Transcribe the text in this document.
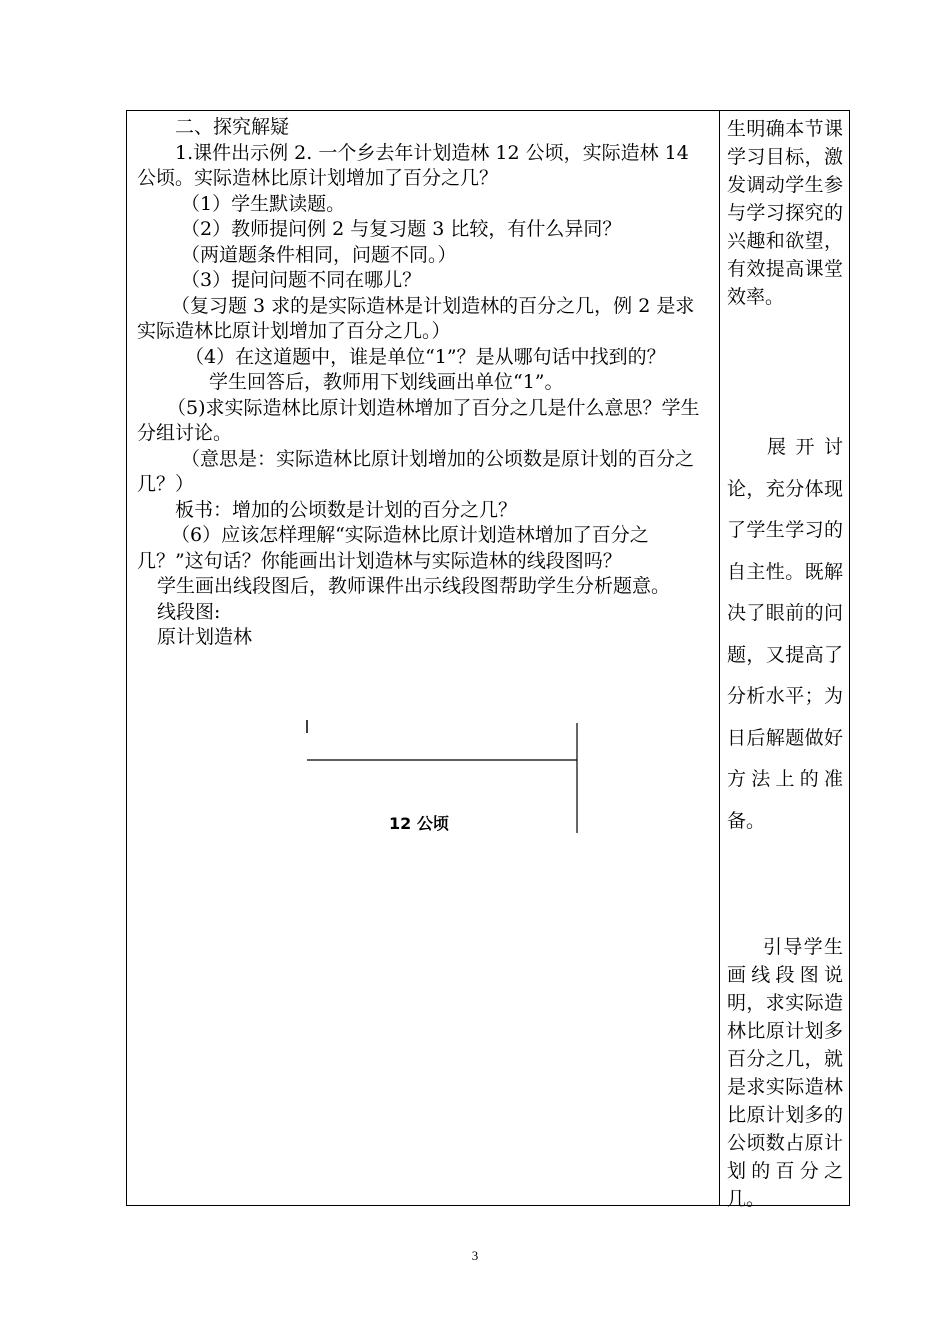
二、探究解疑

1.课件出示例 2. 一个乡去年计划造林 12 公顷，实际造林 14 公顷。实际造林比原计划增加了百分之几？

（1）学生默读题。

（2）教师提问例 2 与复习题 3 比较，有什么异同？

（两道题条件相同，问题不同。）

（3）提问问题不同在哪儿？

（复习题 3 求的是实际造林是计划造林的百分之几，例 2 是求实际造林比原计划增加了百分之几。）

（4）在这道题中，谁是单位“1”？是从哪句话中找到的？

学生回答后，教师用下划线画出单位“1”。

（5)求实际造林比原计划造林增加了百分之几是什么意思？学生分组讨论。

（意思是：实际造林比原计划增加的公顷数是原计划的百分之几？）

板书：增加的公顷数是计划的百分之几？

（6）应该怎样理解“实际造林比原计划造林增加了百分之几？”这句话？你能画出计划造林与实际造林的线段图吗？

学生画出线段图后，教师课件出示线段图帮助学生分析题意。

线段图:

原计划造林

12 公顷

生明确本节课学习目标，激发调动学生参与学习探究的兴趣和欲望，有效提高课堂效率。

展开讨论，充分体现了学生学习的自主性。既解决了眼前的问题，又提高了分析水平；为日后解题做好方法上的准备。

引导学生画线段图说明，求实际造林比原计划多百分之几，就是求实际造林比原计划多的公顷数占原计划的百分之几。

3
